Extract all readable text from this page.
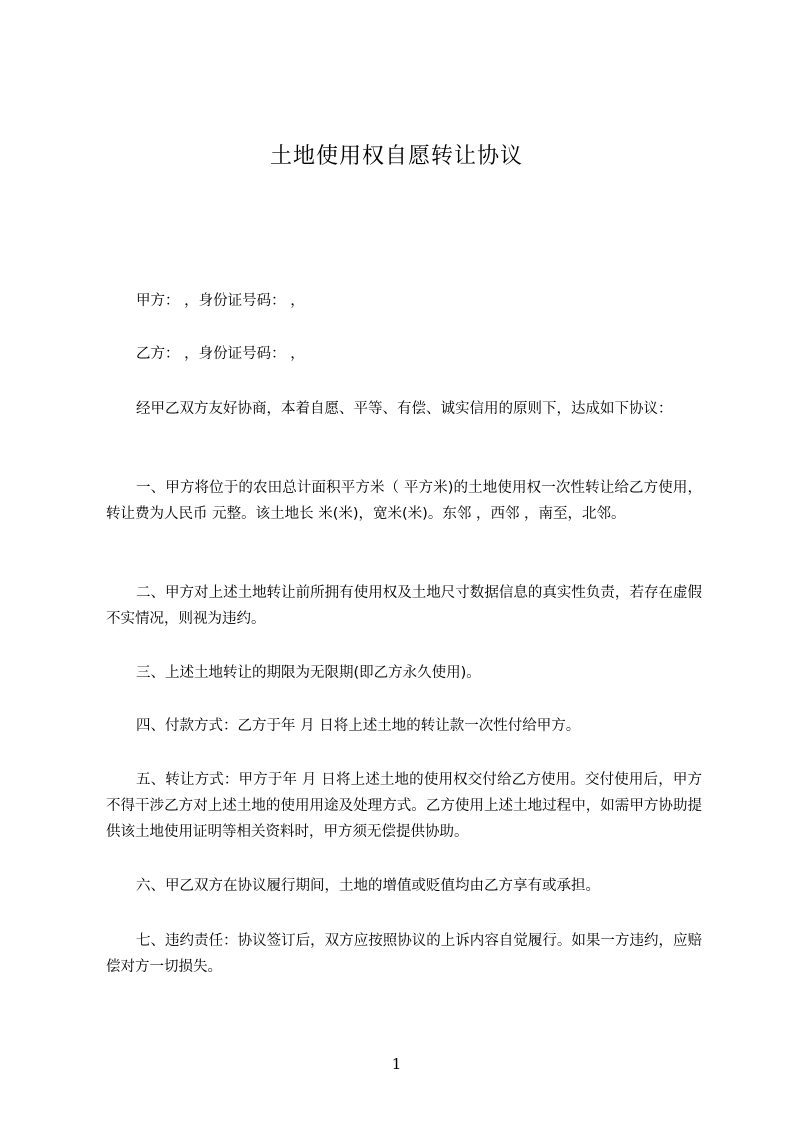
土地使用权自愿转让协议
甲方： ，身份证号码： ，
乙方： ，身份证号码： ，
经甲乙双方友好协商，本着自愿、平等、有偿、诚实信用的原则下，达成如下协议：
一、甲方将位于的农田总计面积平方米（ 平方米)的土地使用权一次性转让给乙方使用，转让费为人民币 元整。该土地长 米(米)，宽米(米)。东邻 ，西邻 ，南至，北邻。
二、甲方对上述土地转让前所拥有使用权及土地尺寸数据信息的真实性负责，若存在虚假不实情况，则视为违约。
三、上述土地转让的期限为无限期(即乙方永久使用)。
四、付款方式：乙方于年 月 日将上述土地的转让款一次性付给甲方。
五、转让方式：甲方于年 月 日将上述土地的使用权交付给乙方使用。交付使用后，甲方不得干涉乙方对上述土地的使用用途及处理方式。乙方使用上述土地过程中，如需甲方协助提供该土地使用证明等相关资料时，甲方须无偿提供协助。
六、甲乙双方在协议履行期间，土地的增值或贬值均由乙方享有或承担。
七、违约责任：协议签订后，双方应按照协议的上诉内容自觉履行。如果一方违约，应赔偿对方一切损失。
1
